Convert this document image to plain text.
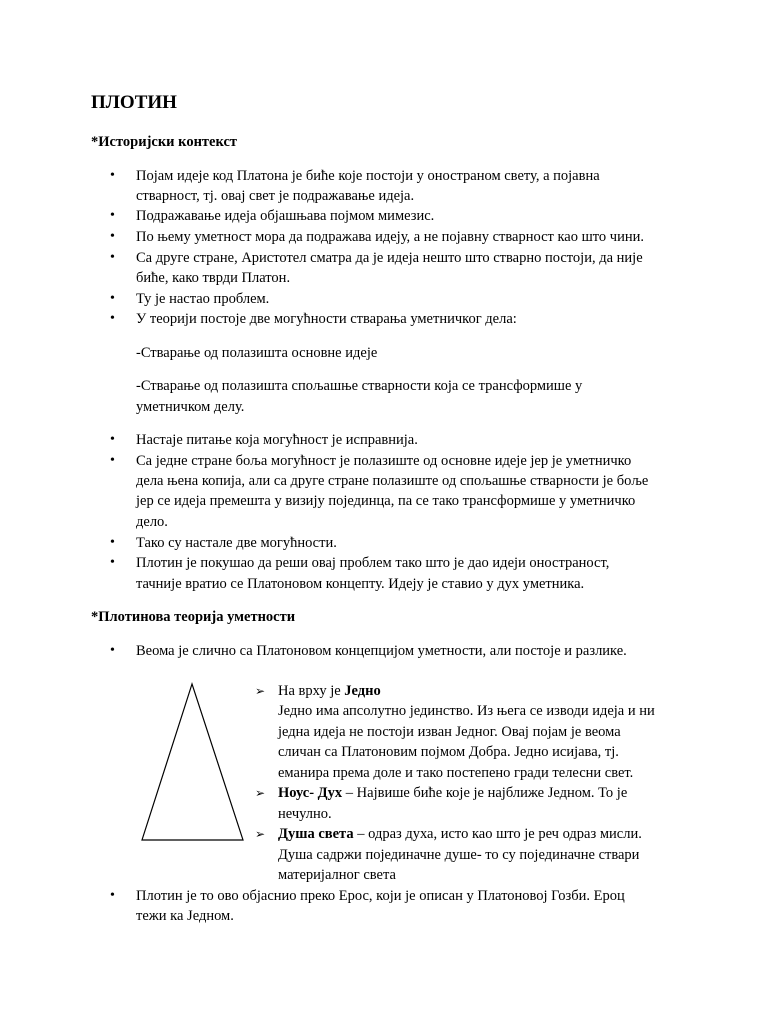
ПЛОТИН
*Историјски контекст
• Појам идеје код Платона је биће које постоји у оностраном свету, а појавна
стварност, тј. овај свет је подражавање идеја.
• Подражавање идеја објашњава појмом мимезис.
• По њему уметност мора да подражава идеју, а не појавну стварност као што чини.
• Са друге стране, Аристотел сматра да је идеја нешто што стварно постоји, да није
биће, како тврди Платон.
• Ту је настао проблем.
• У теорији постоје две могућности стварања уметничког дела:
-Стварање од полазишта основне идеје
-Стварање од полазишта спољашње стварности која се трансформише у
уметничком делу.
• Настаје питање која могућност је исправнија.
• Са једне стране боља могућност је полазиште од основне идеје јер је уметничко
дела њена копија, али са друге стране полазиште од спољашње стварности је боље
јер се идеја премешта у визију појединца, па се тако трансформише у уметничко
дело.
• Тако су настале две могућности.
• Плотин је покушао да реши овај проблем тако што је дао идеји оностраност,
тачније вратио се Платоновом концепту. Идеју је ставио у дух уметника.
*Плотинова теорија уметности
• Веома је слично са Платоновом концепцијом уметности, али постоје и разлике.
➢ На врху је Једно
Једно има апсолутно јединство. Из њега се изводи идеја и ни
једна идеја не постоји изван Једног. Овај појам је веома
сличан са Платоновим појмом Добра. Једно исијава, тј.
еманира према доле и тако постепено гради телесни свет.
➢ Ноус- Дух – Највише биће које је најближе Једном. То је
нечулно.
➢ Душа света – одраз духа, исто као што је реч одраз мисли.
Душа садржи појединачне душе- то су појединачне ствари
материјалног света
• Плотин је то ово објаснио преко Ерос, који је описан у Платоновој Гозби. Ероц
тежи ка Једном.
